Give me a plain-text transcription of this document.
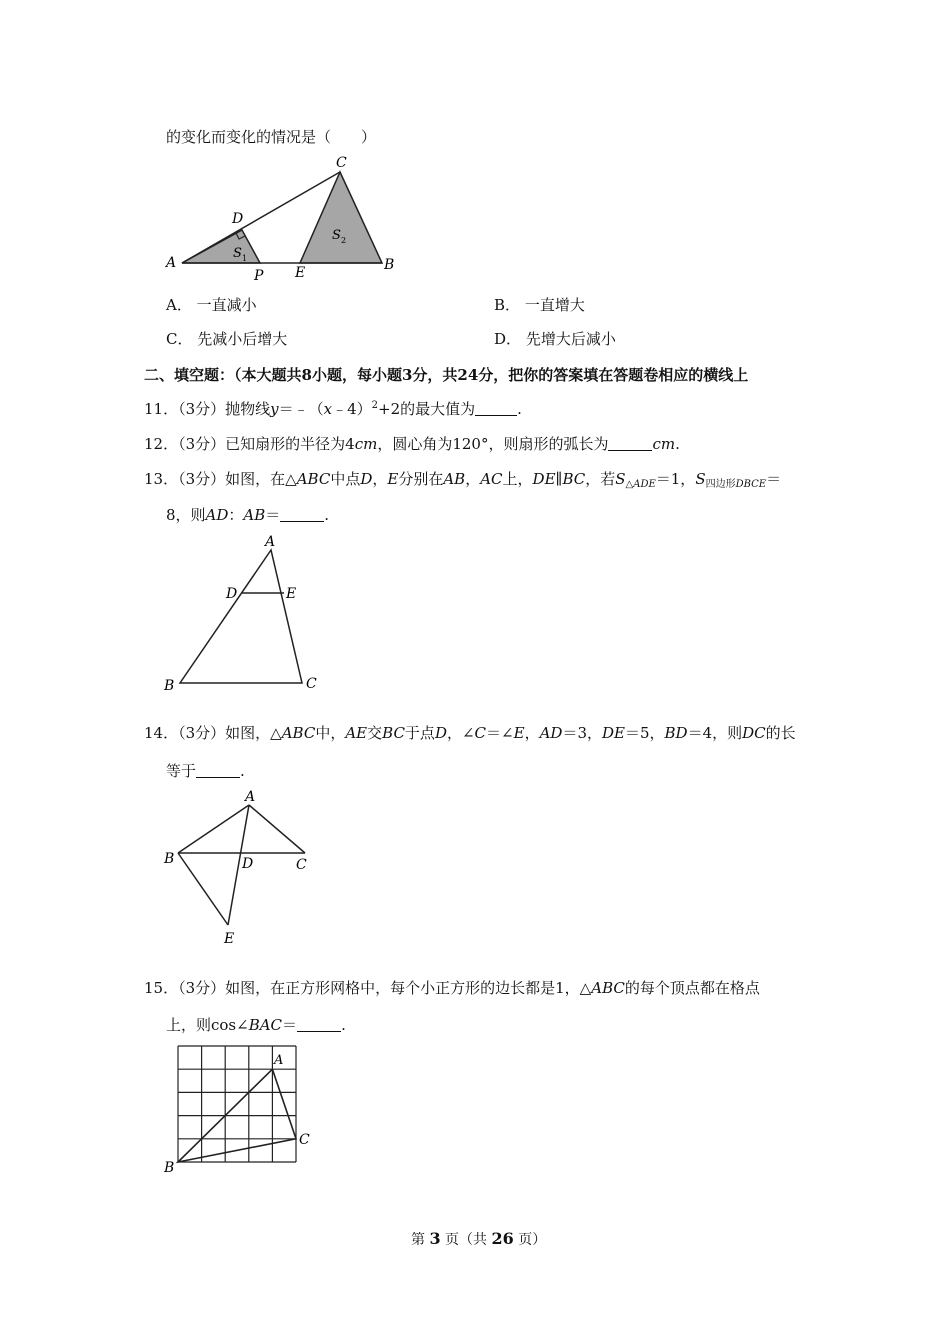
的变化而变化的情况是（　　）
A	B
C
D
E
P
S 1
S 2
A． 一直减小	B． 一直增大
C． 先减小后增大	D． 先增大后减小
二、填空题：（本大题共8小题，每小题3分，共24分，把你的答案填在答题卷相应的横线上
11．（3分）抛物线y＝﹣（x﹣4）$^2$+2的最大值为	.
12．（3分）已知扇形的半径为4cm，圆心角为120°，则扇形的弧长为	cm.
13．（3分）如图，在△ABC中点D，E分别在AB，AC上，DE∥BC，若$S_{\triangle ADE}=1$，$S_{四边形DBCE}=$
8，则AD：AB＝	.
A
B	C
D	E
14．（3分）如图，△ABC中，AE交BC于点D，∠C＝∠E，AD＝3，DE＝5，BD＝4，则DC的长
等于	.
A
B	C
D
E
15．（3分）如图，在正方形网格中，每个小正方形的边长都是1，△ABC的每个顶点都在格点
上，则cos∠BAC＝	.
A
B
C
第 3 页（共 26 页）
